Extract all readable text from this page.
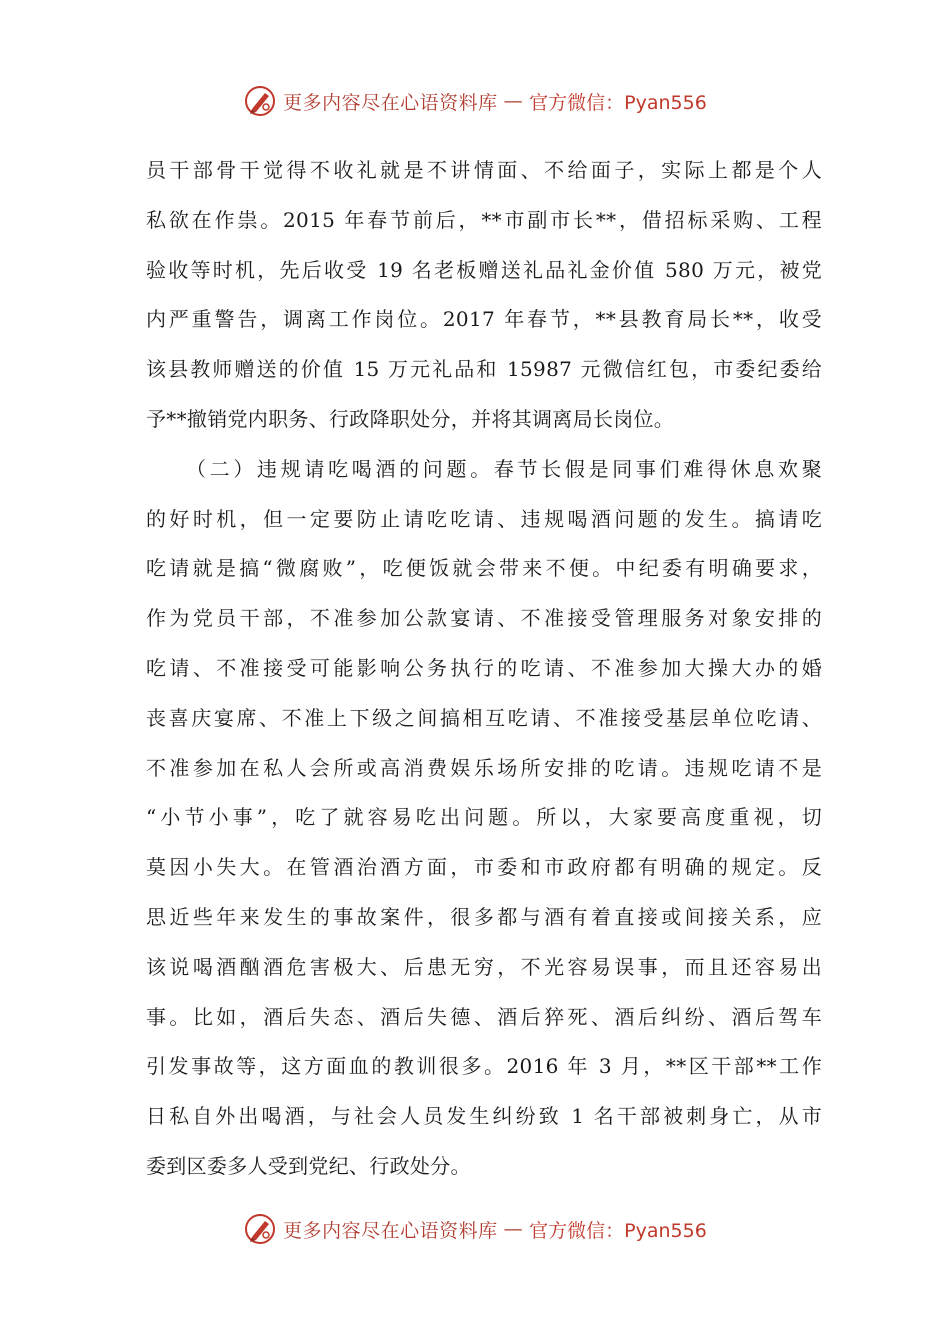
更多内容尽在心语资料库 — 官方微信：Pyan556
员干部骨干觉得不收礼就是不讲情面、不给面子，实际上都是个人
私欲在作祟。2015 年春节前后，**市副市长**，借招标采购、工程
验收等时机，先后收受 19 名老板赠送礼品礼金价值 580 万元，被党
内严重警告，调离工作岗位。2017 年春节，**县教育局长**，收受
该县教师赠送的价值 15 万元礼品和 15987 元微信红包，市委纪委给
予**撤销党内职务、行政降职处分，并将其调离局长岗位。
（二）违规请吃喝酒的问题。春节长假是同事们难得休息欢聚
的好时机，但一定要防止请吃吃请、违规喝酒问题的发生。搞请吃
吃请就是搞“微腐败”，吃便饭就会带来不便。中纪委有明确要求，
作为党员干部，不准参加公款宴请、不准接受管理服务对象安排的
吃请、不准接受可能影响公务执行的吃请、不准参加大操大办的婚
丧喜庆宴席、不准上下级之间搞相互吃请、不准接受基层单位吃请、
不准参加在私人会所或高消费娱乐场所安排的吃请。违规吃请不是
“小节小事”，吃了就容易吃出问题。所以，大家要高度重视，切
莫因小失大。在管酒治酒方面，市委和市政府都有明确的规定。反
思近些年来发生的事故案件，很多都与酒有着直接或间接关系，应
该说喝酒酗酒危害极大、后患无穷，不光容易误事，而且还容易出
事。比如，酒后失态、酒后失德、酒后猝死、酒后纠纷、酒后驾车
引发事故等，这方面血的教训很多。2016 年 3 月，**区干部**工作
日私自外出喝酒，与社会人员发生纠纷致 1 名干部被刺身亡，从市
委到区委多人受到党纪、行政处分。
更多内容尽在心语资料库 — 官方微信：Pyan556
